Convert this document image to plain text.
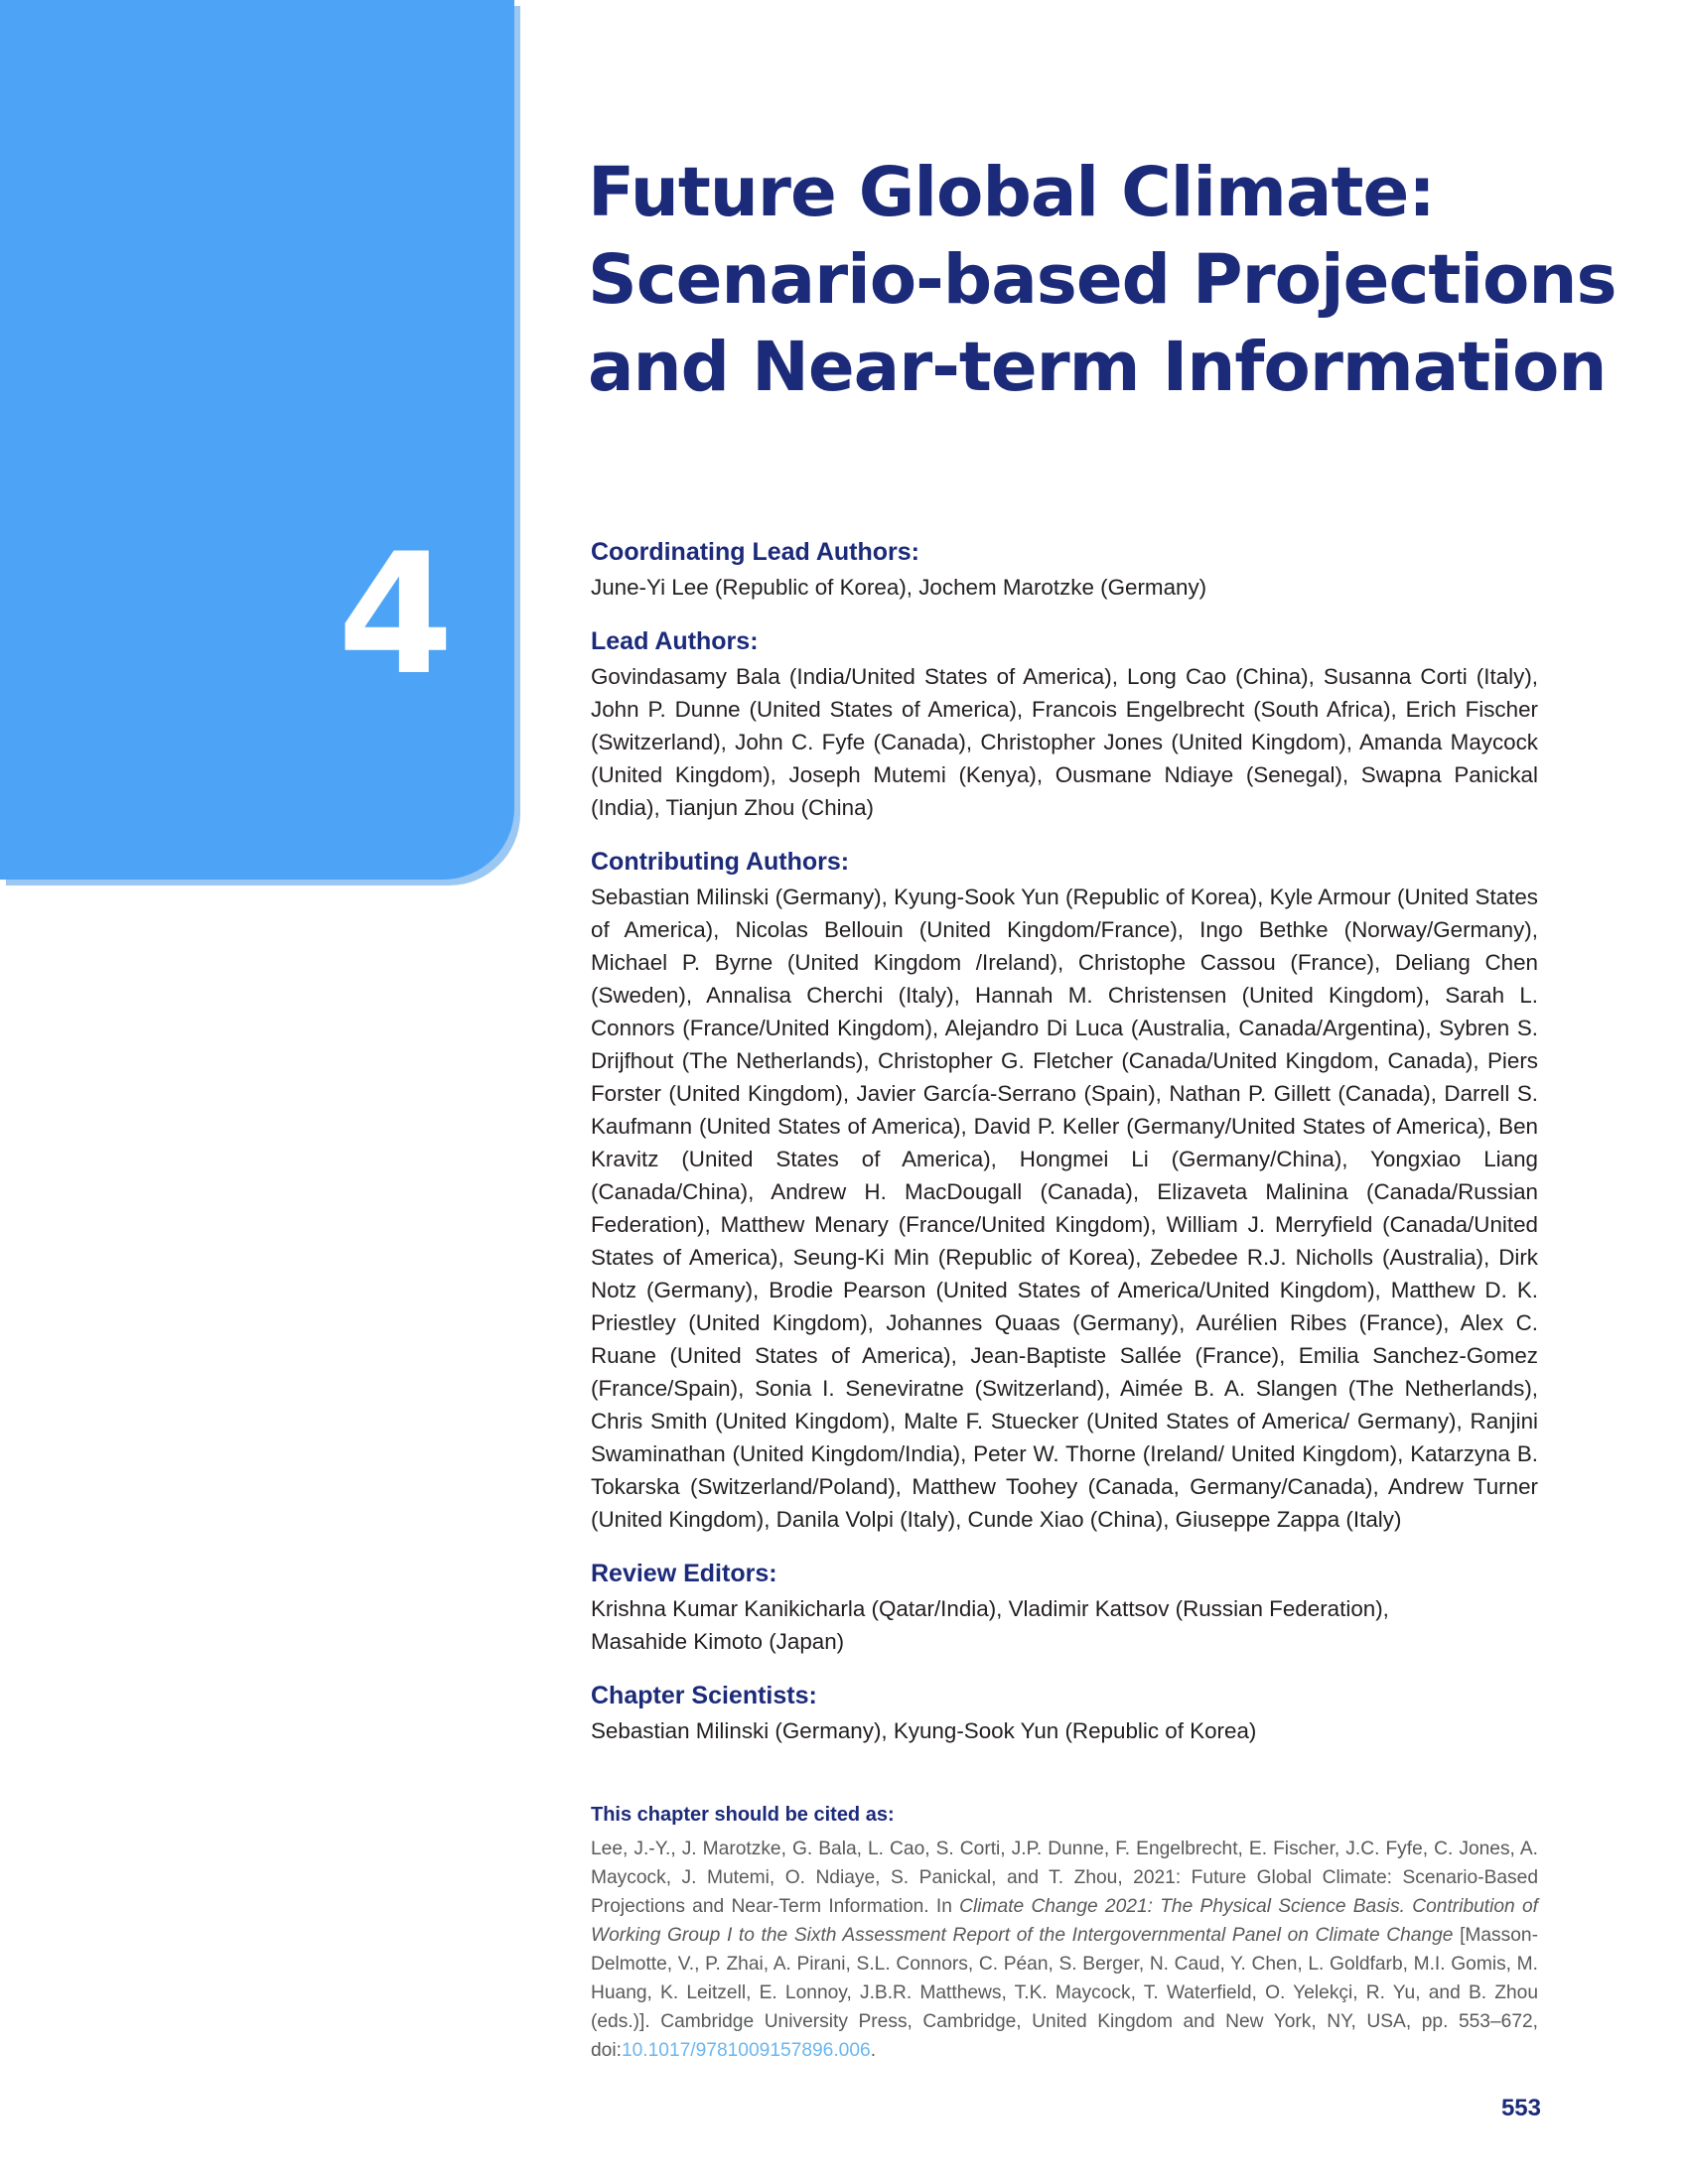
4
Future Global Climate:
Scenario-based Projections
and Near-term Information
Coordinating Lead Authors:

June-Yi Lee (Republic of Korea), Jochem Marotzke (Germany)

Lead Authors:

Govindasamy Bala (India/United States of America), Long Cao (China), Susanna Corti (Italy), John P. Dunne (United States of America), Francois Engelbrecht (South Africa), Erich Fischer (Switzerland), John C. Fyfe (Canada), Christopher Jones (United Kingdom), Amanda Maycock (United Kingdom), Joseph Mutemi (Kenya), Ousmane Ndiaye (Senegal), Swapna Panickal (India), Tianjun Zhou (China)

Contributing Authors:

Sebastian Milinski (Germany), Kyung-Sook Yun (Republic of Korea), Kyle Armour (United States of America), Nicolas Bellouin (United Kingdom/France), Ingo Bethke (Norway/Germany), Michael P. Byrne (United Kingdom /Ireland), Christophe Cassou (France), Deliang Chen (Sweden), Annalisa Cherchi (Italy), Hannah M. Christensen (United Kingdom), Sarah L. Connors (France/United Kingdom), Alejandro Di Luca (Australia, Canada/Argentina), Sybren S. Drijfhout (The Netherlands), Christopher G. Fletcher (Canada/United Kingdom, Canada), Piers Forster (United Kingdom), Javier García-Serrano (Spain), Nathan P. Gillett (Canada), Darrell S. Kaufmann (United States of America), David P. Keller (Germany/United States of America), Ben Kravitz (United States of America), Hongmei Li (Germany/China), Yongxiao Liang (Canada/China), Andrew H. MacDougall (Canada), Elizaveta Malinina (Canada/Russian Federation), Matthew Menary (France/United Kingdom), William J. Merryfield (Canada/United States of America), Seung-Ki Min (Republic of Korea), Zebedee R.J. Nicholls (Australia), Dirk Notz (Germany), Brodie Pearson (United States of America/United Kingdom), Matthew D. K. Priestley (United Kingdom), Johannes Quaas (Germany), Aurélien Ribes (France), Alex C. Ruane (United States of America), Jean-Baptiste Sallée (France), Emilia Sanchez-Gomez (France/Spain), Sonia I. Seneviratne (Switzerland), Aimée B. A. Slangen (The Netherlands), Chris Smith (United Kingdom), Malte F. Stuecker (United States of America/ Germany), Ranjini Swaminathan (United Kingdom/India), Peter W. Thorne (Ireland/ United Kingdom), Katarzyna B. Tokarska (Switzerland/Poland), Matthew Toohey (Canada, Germany/Canada), Andrew Turner (United Kingdom), Danila Volpi (Italy), Cunde Xiao (China), Giuseppe Zappa (Italy)

Review Editors:

Krishna Kumar Kanikicharla (Qatar/India), Vladimir Kattsov (Russian Federation),

Masahide Kimoto (Japan)

Chapter Scientists:

Sebastian Milinski (Germany), Kyung-Sook Yun (Republic of Korea)

This chapter should be cited as:

Lee, J.-Y., J. Marotzke, G. Bala, L. Cao, S. Corti, J.P. Dunne, F. Engelbrecht, E. Fischer, J.C. Fyfe, C. Jones, A. Maycock, J. Mutemi, O. Ndiaye, S. Panickal, and T. Zhou, 2021: Future Global Climate: Scenario-Based Projections and Near-Term Information. In Climate Change 2021: The Physical Science Basis. Contribution of Working Group I to the Sixth Assessment Report of the Intergovernmental Panel on Climate Change [Masson-Delmotte, V., P. Zhai, A. Pirani, S.L. Connors, C. Péan, S. Berger, N. Caud, Y. Chen, L. Goldfarb, M.I. Gomis, M. Huang, K. Leitzell, E. Lonnoy, J.B.R. Matthews, T.K. Maycock, T. Waterfield, O. Yelekçi, R. Yu, and B. Zhou (eds.)]. Cambridge University Press, Cambridge, United Kingdom and New York, NY, USA, pp. 553–672, doi:10.1017/9781009157896.006.

553
